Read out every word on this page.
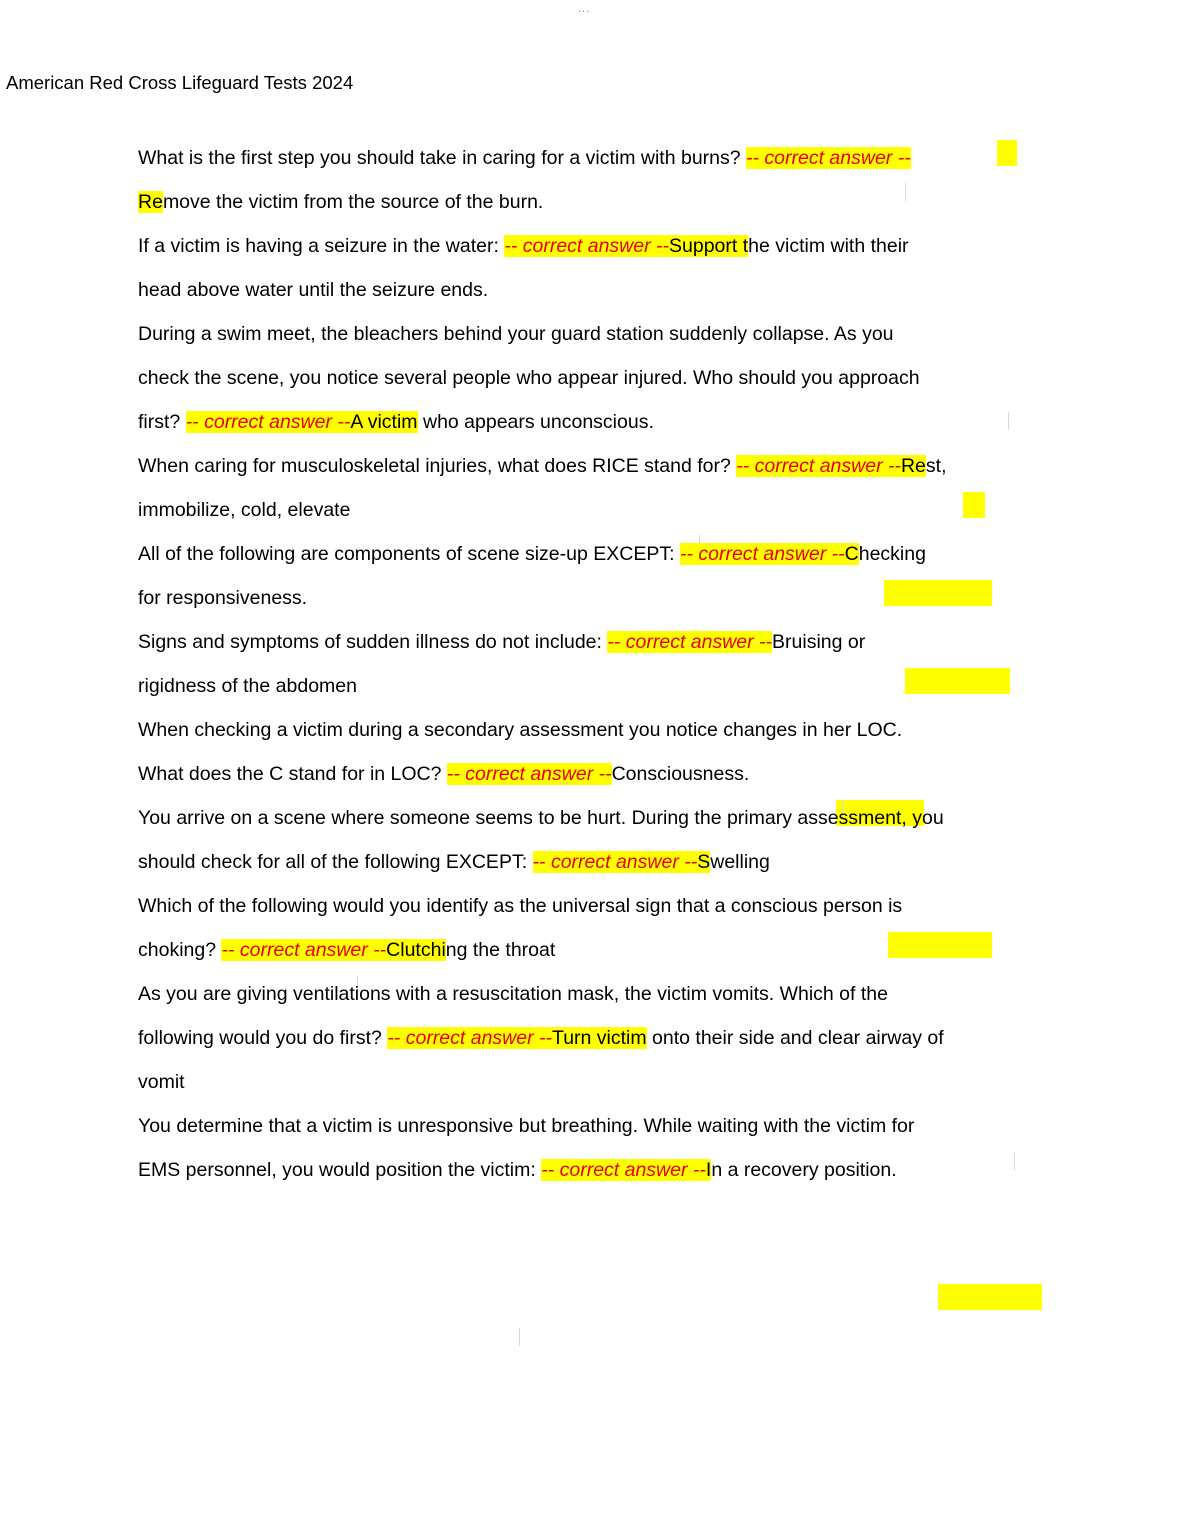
...
American Red Cross Lifeguard Tests 2024

What is the first step you should take in caring for a victim with burns? -- correct answer --Remove the victim from the source of the burn.

If a victim is having a seizure in the water: -- correct answer --Support the victim with their head above water until the seizure ends.

During a swim meet, the bleachers behind your guard station suddenly collapse. As you check the scene, you notice several people who appear injured. Who should you approach first? -- correct answer --A victim who appears unconscious.

When caring for musculoskeletal injuries, what does RICE stand for? -- correct answer --Rest, immobilize, cold, elevate

All of the following are components of scene size-up EXCEPT: -- correct answer --Checking for responsiveness.

Signs and symptoms of sudden illness do not include: -- correct answer --Bruising or rigidness of the abdomen

When checking a victim during a secondary assessment you notice changes in her LOC. What does the C stand for in LOC? -- correct answer --Consciousness.

You arrive on a scene where someone seems to be hurt. During the primary assessment, you should check for all of the following EXCEPT: -- correct answer --Swelling

Which of the following would you identify as the universal sign that a conscious person is choking? -- correct answer --Clutching the throat

As you are giving ventilations with a resuscitation mask, the victim vomits. Which of the following would you do first? -- correct answer --Turn victim onto their side and clear airway of vomit

You determine that a victim is unresponsive but breathing. While waiting with the victim for EMS personnel, you would position the victim: -- correct answer --In a recovery position.
